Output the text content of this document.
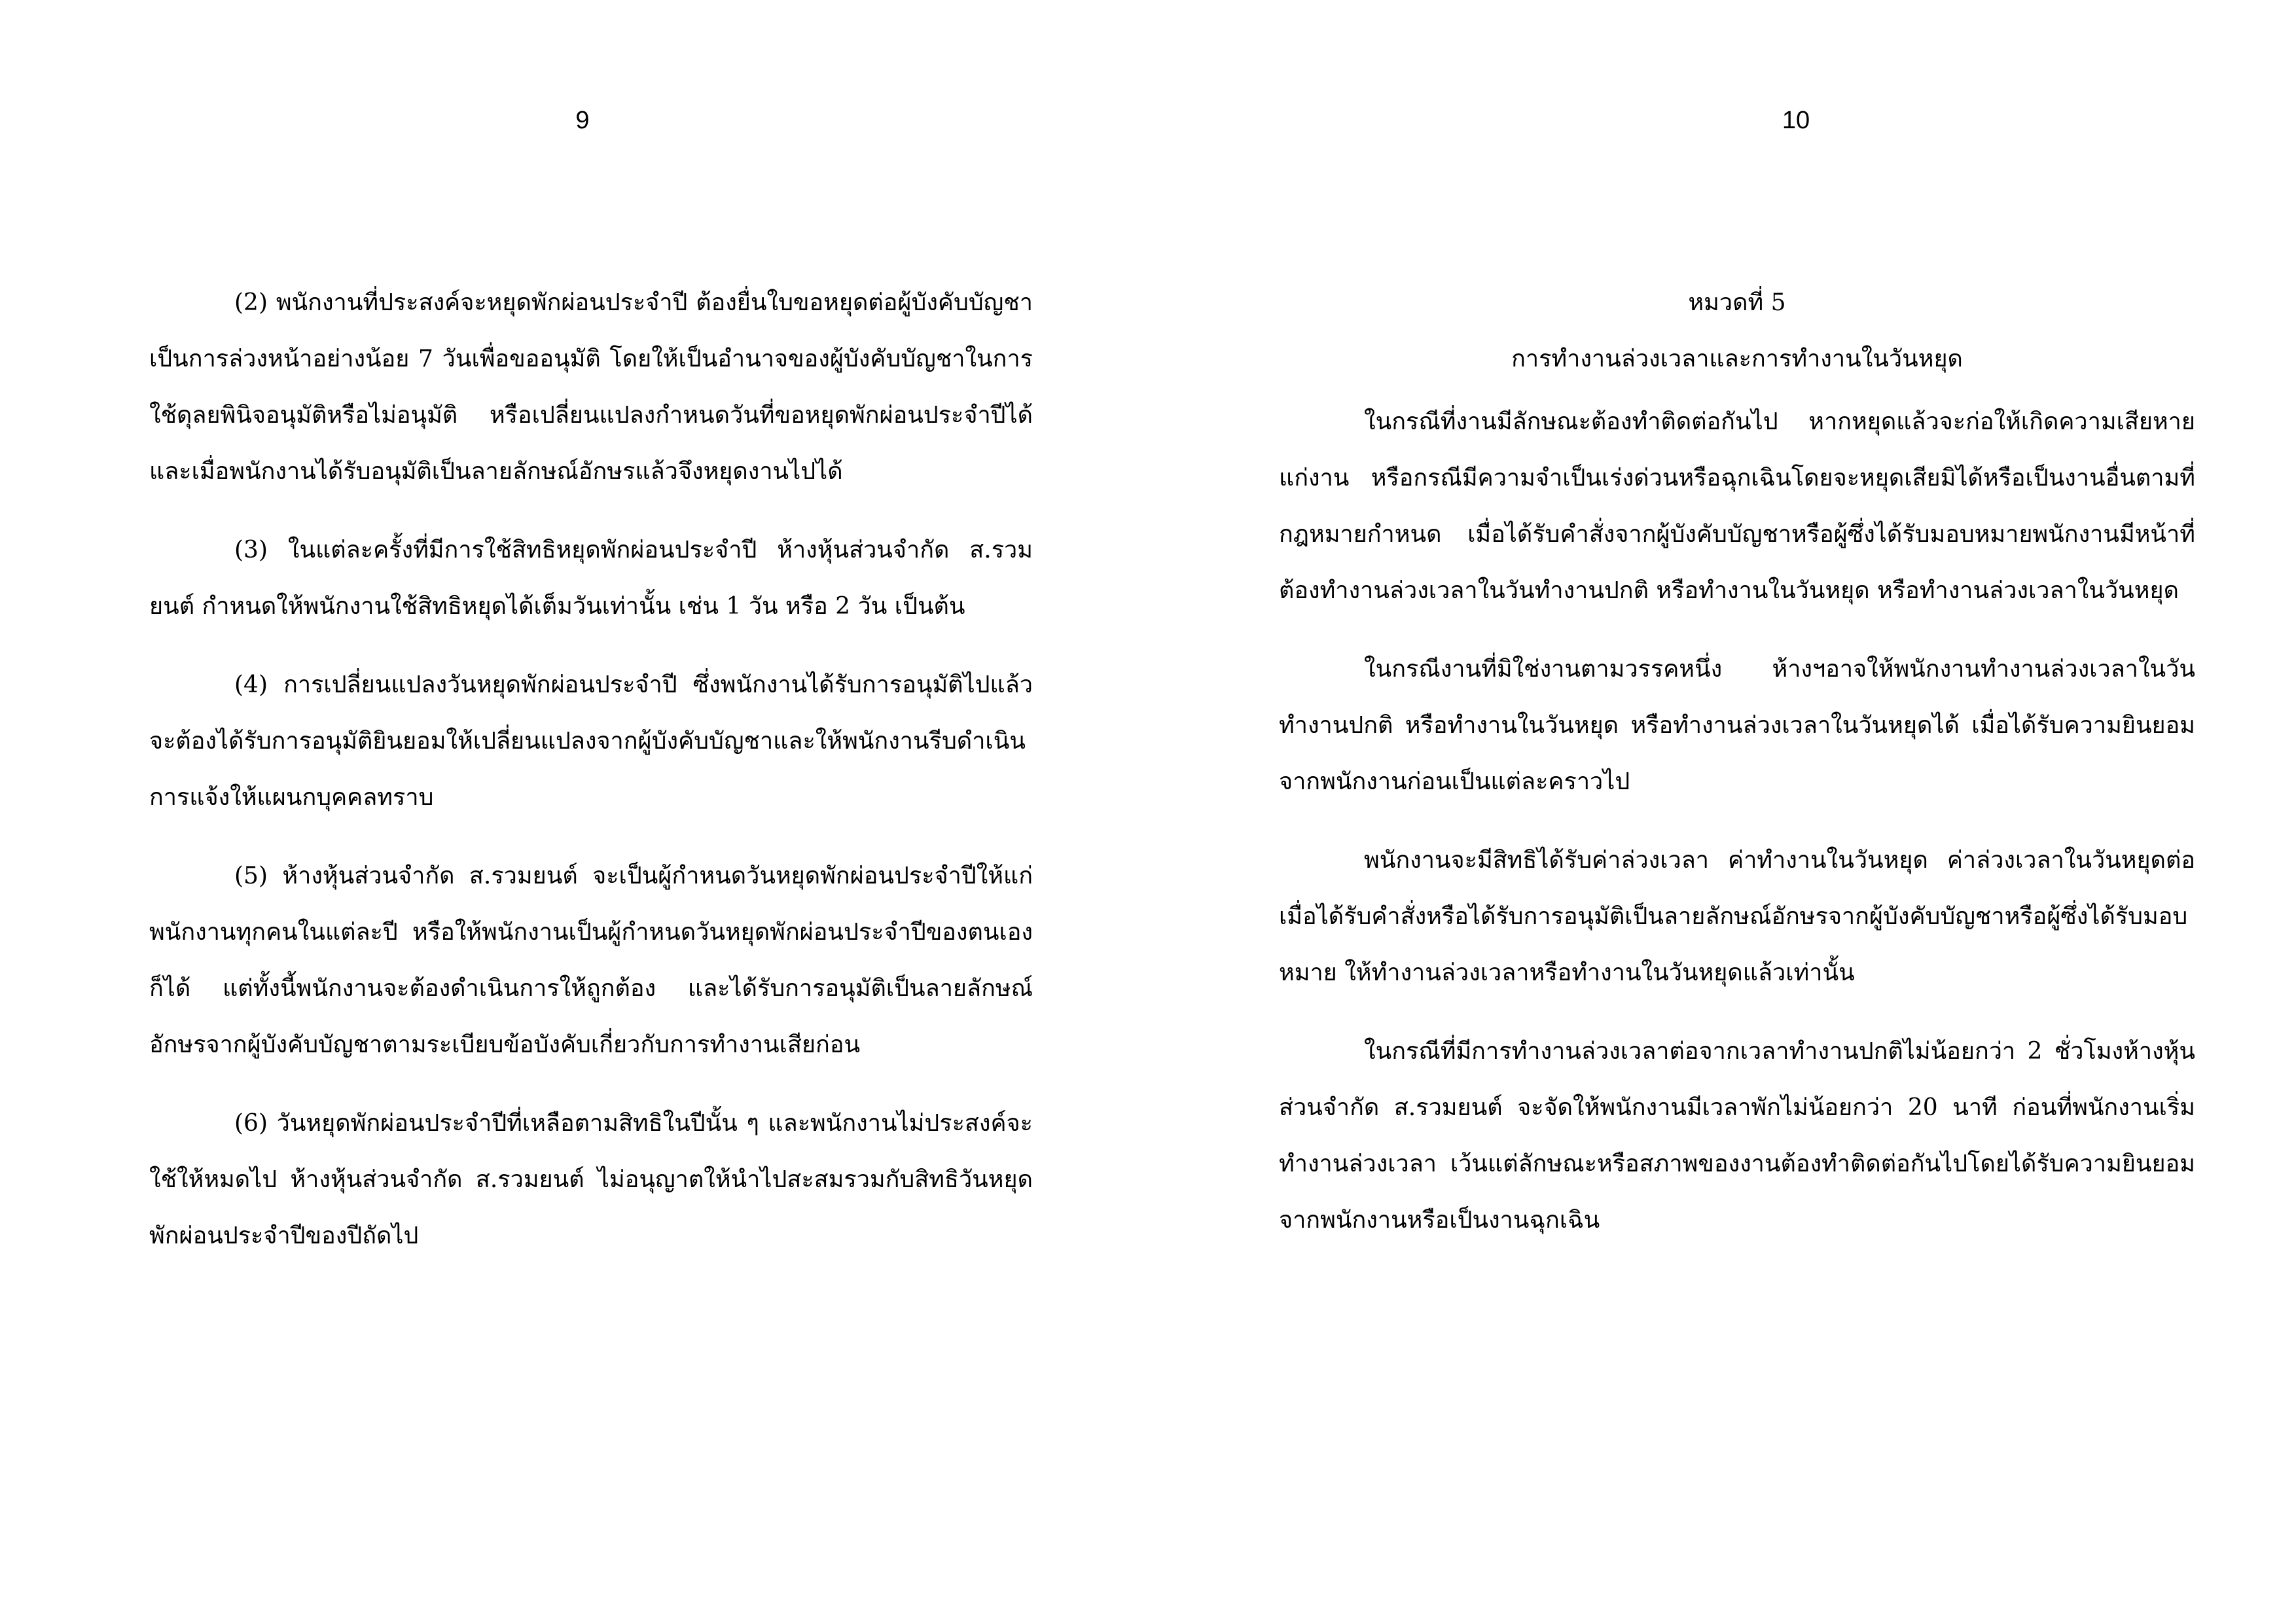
9

(2) พนักงานที่ประสงค์จะหยุดพักผ่อนประจำปี ต้องยื่นใบขอหยุดต่อผู้บังคับบัญชาเป็นการล่วงหน้าอย่างน้อย 7 วันเพื่อขออนุมัติ โดยให้เป็นอำนาจของผู้บังคับบัญชาในการใช้ดุลยพินิจอนุมัติหรือไม่อนุมัติ หรือเปลี่ยนแปลงกำหนดวันที่ขอหยุดพักผ่อนประจำปีได้ และเมื่อพนักงานได้รับอนุมัติเป็นลายลักษณ์อักษรแล้วจึงหยุดงานไปได้

(3) ในแต่ละครั้งที่มีการใช้สิทธิหยุดพักผ่อนประจำปี ห้างหุ้นส่วนจำกัด ส.รวมยนต์ กำหนดให้พนักงานใช้สิทธิหยุดได้เต็มวันเท่านั้น เช่น 1 วัน หรือ 2 วัน เป็นต้น

(4) การเปลี่ยนแปลงวันหยุดพักผ่อนประจำปี ซึ่งพนักงานได้รับการอนุมัติไปแล้ว จะต้องได้รับการอนุมัติยินยอมให้เปลี่ยนแปลงจากผู้บังคับบัญชาและให้พนักงานรีบดำเนินการแจ้งให้แผนกบุคคลทราบ

(5) ห้างหุ้นส่วนจำกัด ส.รวมยนต์ จะเป็นผู้กำหนดวันหยุดพักผ่อนประจำปีให้แก่พนักงานทุกคนในแต่ละปี หรือให้พนักงานเป็นผู้กำหนดวันหยุดพักผ่อนประจำปีของตนเองก็ได้ แต่ทั้งนี้พนักงานจะต้องดำเนินการให้ถูกต้อง และได้รับการอนุมัติเป็นลายลักษณ์อักษรจากผู้บังคับบัญชาตามระเบียบข้อบังคับเกี่ยวกับการทำงานเสียก่อน

(6) วันหยุดพักผ่อนประจำปีที่เหลือตามสิทธิในปีนั้น ๆ และพนักงานไม่ประสงค์จะใช้ให้หมดไป ห้างหุ้นส่วนจำกัด ส.รวมยนต์ ไม่อนุญาตให้นำไปสะสมรวมกับสิทธิวันหยุดพักผ่อนประจำปีของปีถัดไป

10

หมวดที่ 5

การทำงานล่วงเวลาและการทำงานในวันหยุด

ในกรณีที่งานมีลักษณะต้องทำติดต่อกันไป หากหยุดแล้วจะก่อให้เกิดความเสียหายแก่งาน หรือกรณีมีความจำเป็นเร่งด่วนหรือฉุกเฉินโดยจะหยุดเสียมิได้หรือเป็นงานอื่นตามที่กฎหมายกำหนด เมื่อได้รับคำสั่งจากผู้บังคับบัญชาหรือผู้ซึ่งได้รับมอบหมายพนักงานมีหน้าที่ต้องทำงานล่วงเวลาในวันทำงานปกติ หรือทำงานในวันหยุด หรือทำงานล่วงเวลาในวันหยุด

ในกรณีงานที่มิใช่งานตามวรรคหนึ่ง ห้างฯอาจให้พนักงานทำงานล่วงเวลาในวันทำงานปกติ หรือทำงานในวันหยุด หรือทำงานล่วงเวลาในวันหยุดได้ เมื่อได้รับความยินยอมจากพนักงานก่อนเป็นแต่ละคราวไป

พนักงานจะมีสิทธิได้รับค่าล่วงเวลา ค่าทำงานในวันหยุด ค่าล่วงเวลาในวันหยุดต่อเมื่อได้รับคำสั่งหรือได้รับการอนุมัติเป็นลายลักษณ์อักษรจากผู้บังคับบัญชาหรือผู้ซึ่งได้รับมอบหมาย ให้ทำงานล่วงเวลาหรือทำงานในวันหยุดแล้วเท่านั้น

ในกรณีที่มีการทำงานล่วงเวลาต่อจากเวลาทำงานปกติไม่น้อยกว่า 2 ชั่วโมงห้างหุ้นส่วนจำกัด ส.รวมยนต์ จะจัดให้พนักงานมีเวลาพักไม่น้อยกว่า 20 นาที ก่อนที่พนักงานเริ่มทำงานล่วงเวลา เว้นแต่ลักษณะหรือสภาพของงานต้องทำติดต่อกันไปโดยได้รับความยินยอมจากพนักงานหรือเป็นงานฉุกเฉิน
